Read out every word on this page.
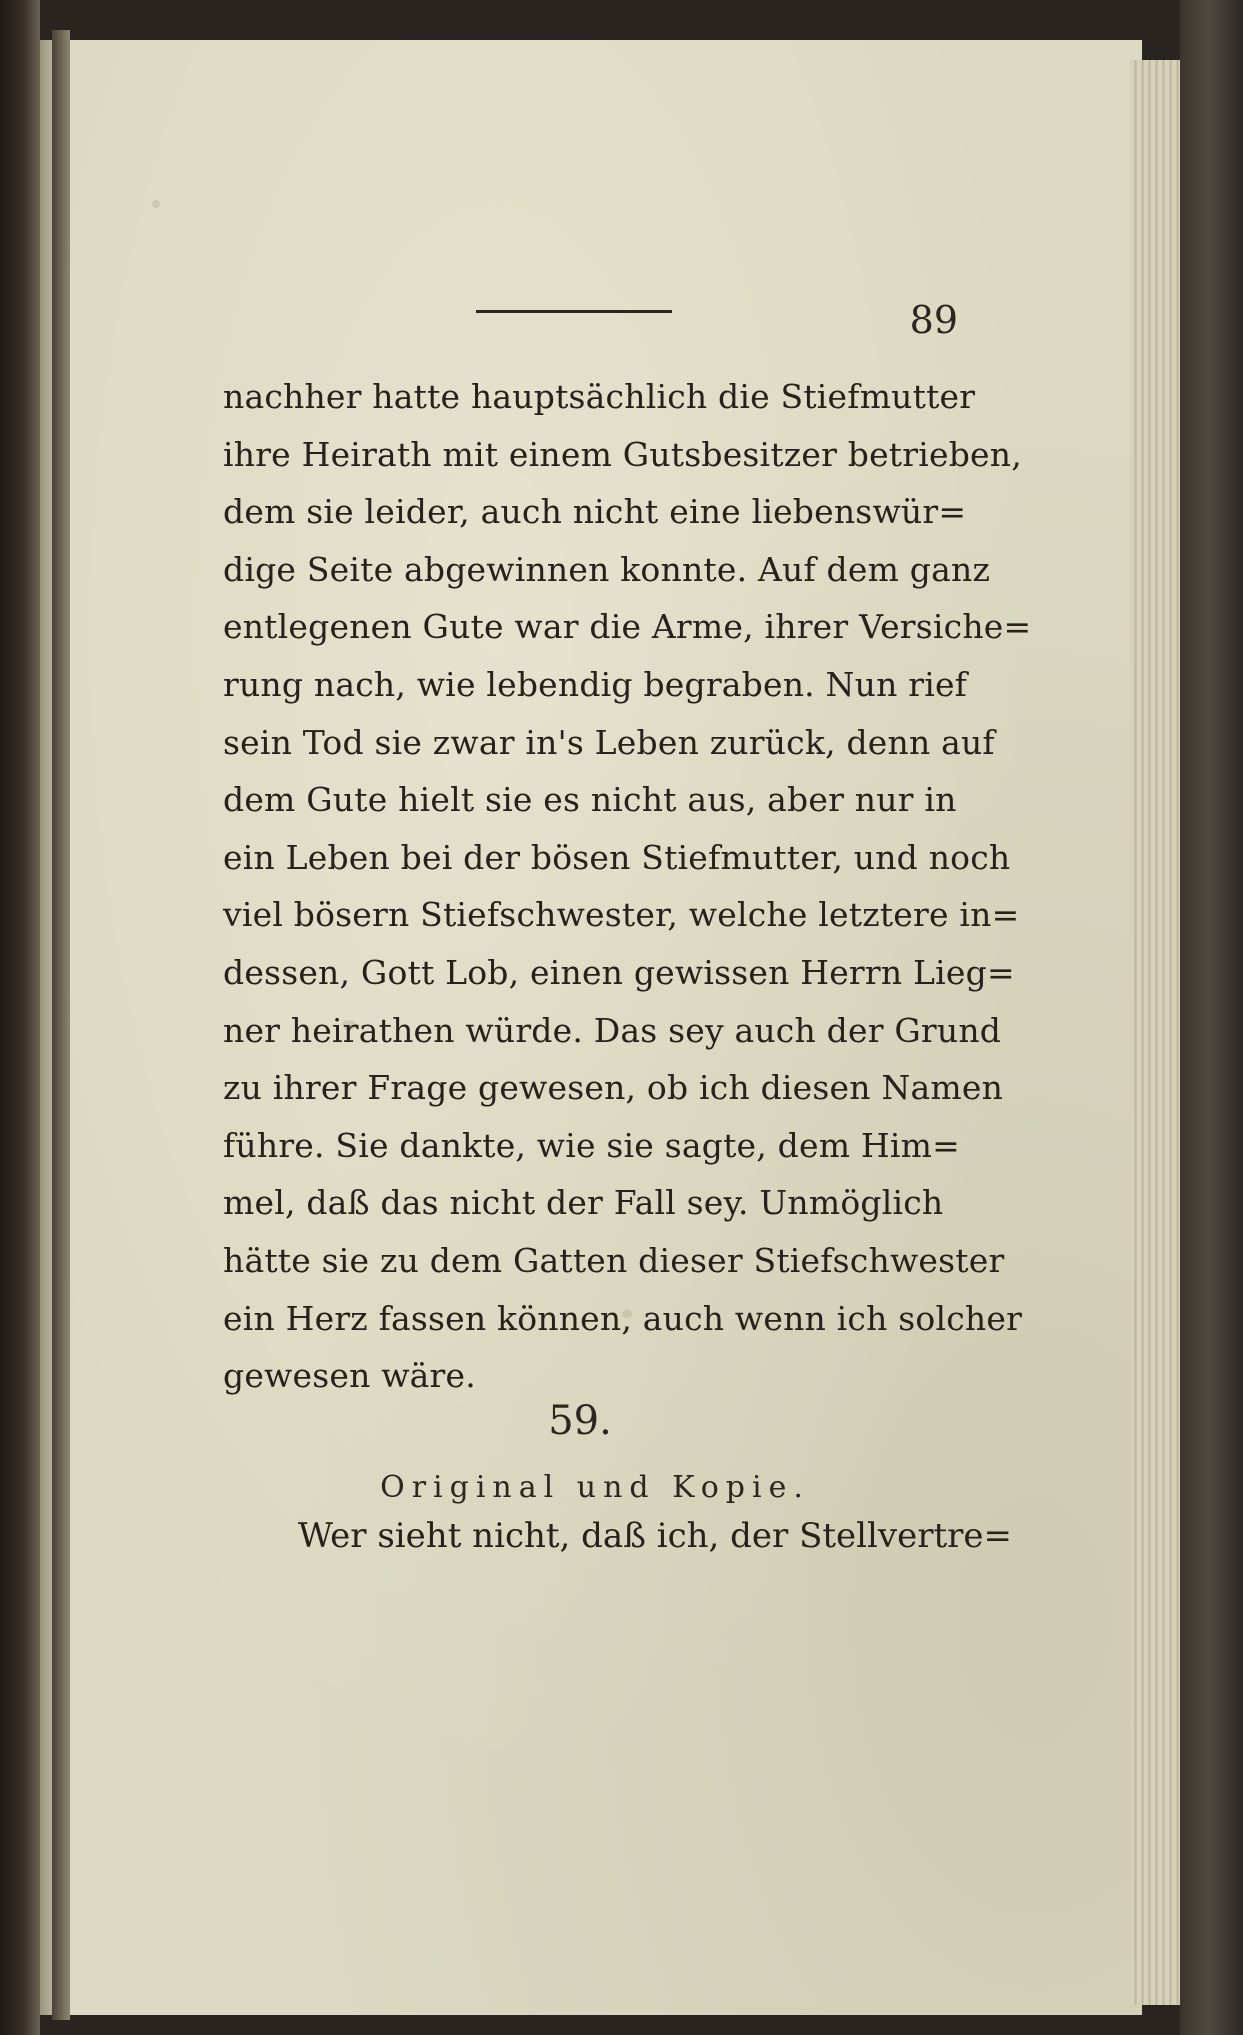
89
nachher hatte hauptsächlich die Stiefmutter
ihre Heirath mit einem Gutsbesitzer betrieben,
dem sie leider, auch nicht eine liebenswür=
dige Seite abgewinnen konnte. Auf dem ganz
entlegenen Gute war die Arme, ihrer Versiche=
rung nach, wie lebendig begraben. Nun rief
sein Tod sie zwar in's Leben zurück, denn auf
dem Gute hielt sie es nicht aus, aber nur in
ein Leben bei der bösen Stiefmutter, und noch
viel bösern Stiefschwester, welche letztere in=
dessen, Gott Lob, einen gewissen Herrn Lieg=
ner heirathen würde. Das sey auch der Grund
zu ihrer Frage gewesen, ob ich diesen Namen
führe. Sie dankte, wie sie sagte, dem Him=
mel, daß das nicht der Fall sey. Unmöglich
hätte sie zu dem Gatten dieser Stiefschwester
ein Herz fassen können, auch wenn ich solcher
gewesen wäre.
59.
Original und Kopie.
Wer sieht nicht, daß ich, der Stellvertre=
